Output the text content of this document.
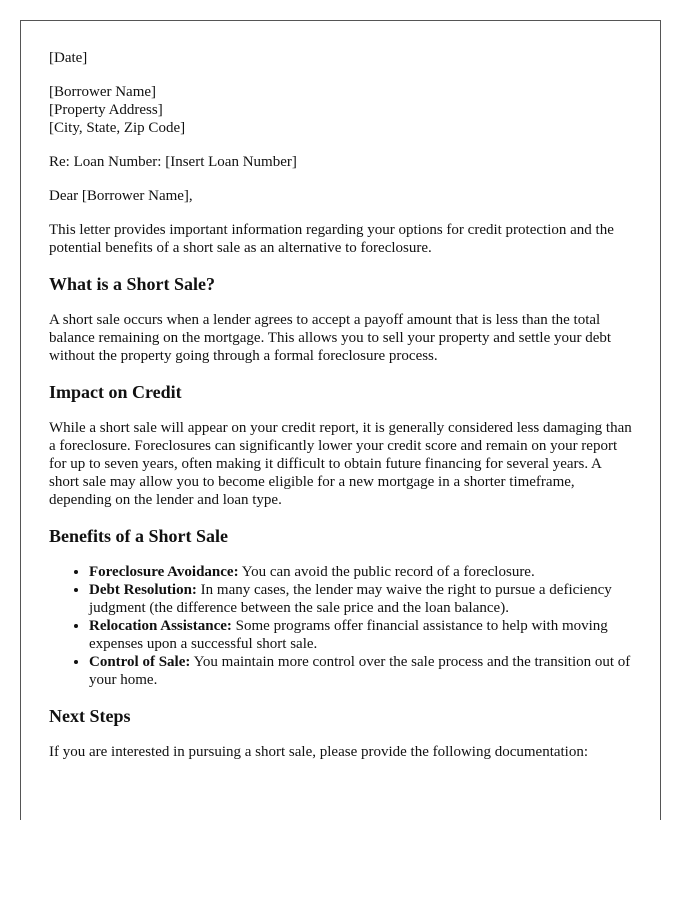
[Date]

[Borrower Name]

[Property Address]

[City, State, Zip Code]

Re: Loan Number: [Insert Loan Number]

Dear [Borrower Name],

This letter provides important information regarding your options for credit protection and the potential benefits of a short sale as an alternative to foreclosure.

What is a Short Sale?

A short sale occurs when a lender agrees to accept a payoff amount that is less than the total balance remaining on the mortgage. This allows you to sell your property and settle your debt without the property going through a formal foreclosure process.

Impact on Credit

While a short sale will appear on your credit report, it is generally considered less damaging than a foreclosure. Foreclosures can significantly lower your credit score and remain on your report for up to seven years, often making it difficult to obtain future financing for several years. A short sale may allow you to become eligible for a new mortgage in a shorter timeframe, depending on the lender and loan type.

Benefits of a Short Sale
• Foreclosure Avoidance: You can avoid the public record of a foreclosure.
• Debt Resolution: In many cases, the lender may waive the right to pursue a deficiency judgment (the difference between the sale price and the loan balance).
• Relocation Assistance: Some programs offer financial assistance to help with moving expenses upon a successful short sale.
• Control of Sale: You maintain more control over the sale process and the transition out of your home.
Next Steps

If you are interested in pursuing a short sale, please provide the following documentation:
